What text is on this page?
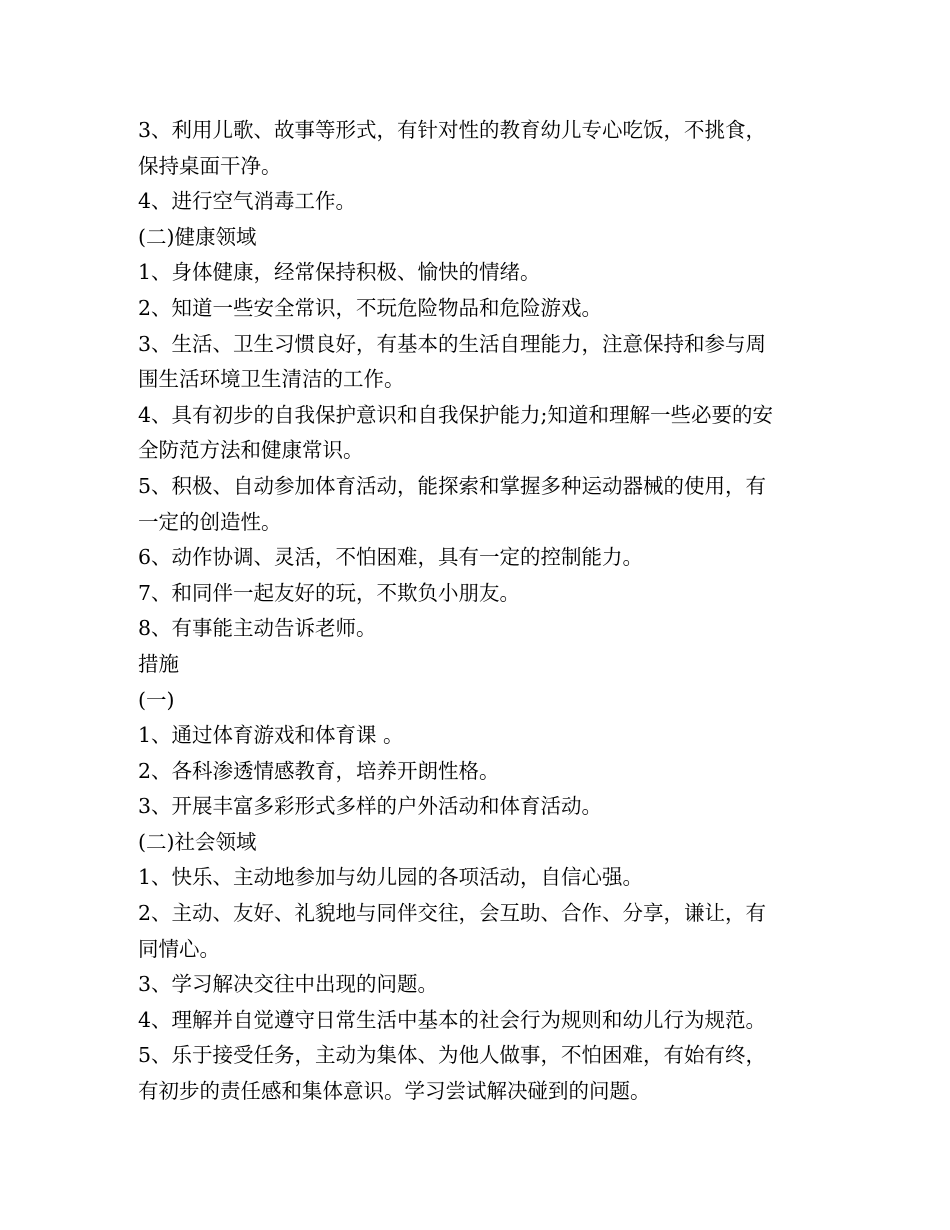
3、利用儿歌、故事等形式，有针对性的教育幼儿专心吃饭，不挑食，
保持桌面干净。
4、进行空气消毒工作。
(二)健康领域
1、身体健康，经常保持积极、愉快的情绪。
2、知道一些安全常识，不玩危险物品和危险游戏。
3、生活、卫生习惯良好，有基本的生活自理能力，注意保持和参与周
围生活环境卫生清洁的工作。
4、具有初步的自我保护意识和自我保护能力;知道和理解一些必要的安
全防范方法和健康常识。
5、积极、自动参加体育活动，能探索和掌握多种运动器械的使用，有
一定的创造性。
6、动作协调、灵活，不怕困难，具有一定的控制能力。
7、和同伴一起友好的玩，不欺负小朋友。
8、有事能主动告诉老师。
措施
(一)
1、通过体育游戏和体育课 。
2、各科渗透情感教育，培养开朗性格。
3、开展丰富多彩形式多样的户外活动和体育活动。
(二)社会领域
1、快乐、主动地参加与幼儿园的各项活动，自信心强。
2、主动、友好、礼貌地与同伴交往，会互助、合作、分享，谦让，有
同情心。
3、学习解决交往中出现的问题。
4、理解并自觉遵守日常生活中基本的社会行为规则和幼儿行为规范。
5、乐于接受任务，主动为集体、为他人做事，不怕困难，有始有终，
有初步的责任感和集体意识。学习尝试解决碰到的问题。
